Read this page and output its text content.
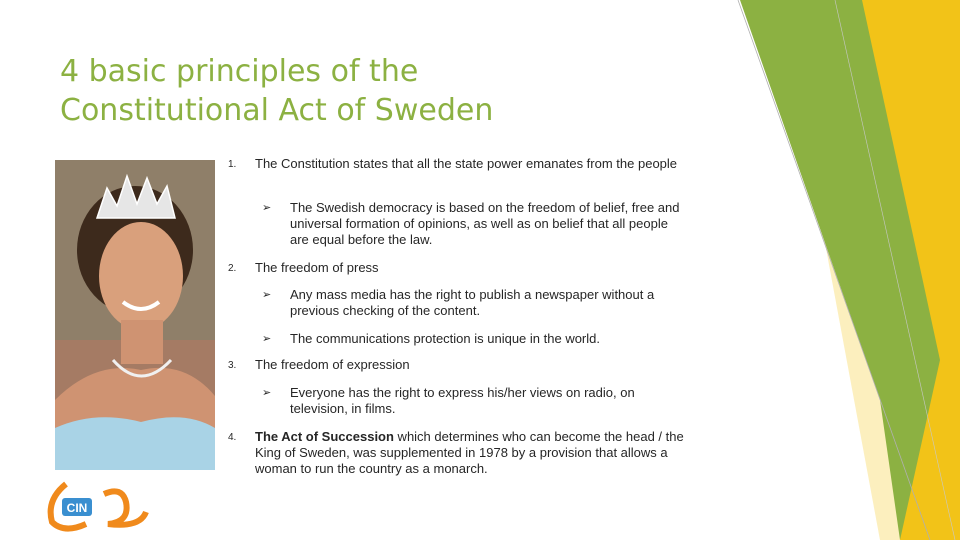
4 basic principles of the
Constitutional Act of Sweden
CIN
1. The Constitution states that all the state power emanates from the people
➢ The Swedish democracy is based on the freedom of belief, free and universal formation of opinions, as well as on belief that all people are equal before the law.
2. The freedom of press
➢ Any mass media has the right to publish a newspaper without a previous checking of the content.
➢ The communications protection is unique in the world.
3. The freedom of expression
➢ Everyone has the right to express his/her views on radio, on television, in films.
4. The Act of Succession which determines who can become the head / the King of Sweden, was supplemented in 1978 by a provision that allows a woman to run the country as a monarch.
